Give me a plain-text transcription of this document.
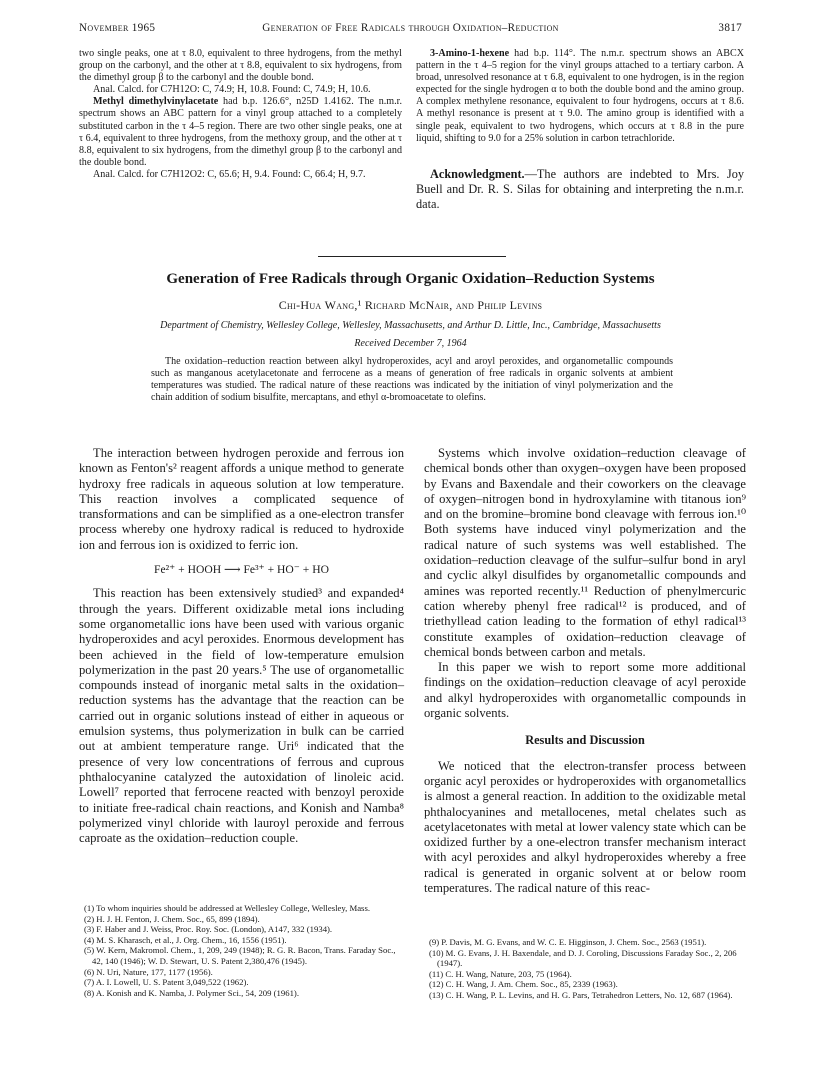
November 1965	Generation of Free Radicals through Oxidation–Reduction	3817

two single peaks, one at τ 8.0, equivalent to three hydrogens, from the methyl group on the carbonyl, and the other at τ 8.8, equivalent to six hydrogens, from the dimethyl group β to the carbonyl and the double bond.

Anal. Calcd. for C7H12O: C, 74.9; H, 10.8. Found: C, 74.9; H, 10.6.

Methyl dimethylvinylacetate had b.p. 126.6°, n25D 1.4162. The n.m.r. spectrum shows an ABC pattern for a vinyl group attached to a completely substituted carbon in the τ 4–5 region. There are two other single peaks, one at τ 6.4, equivalent to three hydrogens, from the methoxy group, and the other at τ 8.8, equivalent to six hydrogens, from the dimethyl group β to the carbonyl and the double bond.

Anal. Calcd. for C7H12O2: C, 65.6; H, 9.4. Found: C, 66.4; H, 9.7.

3-Amino-1-hexene had b.p. 114°. The n.m.r. spectrum shows an ABCX pattern in the τ 4–5 region for the vinyl groups attached to a tertiary carbon. A broad, unresolved resonance at τ 6.8, equivalent to one hydrogen, is in the region expected for the single hydrogen α to both the double bond and the amino group. A complex methylene resonance, equivalent to four hydrogens, occurs at τ 8.6. A methyl resonance is present at τ 9.0. The amino group is identified with a single peak, equivalent to two hydrogens, which occurs at τ 8.8 in the pure liquid, shifting to 9.0 for a 25% solution in carbon tetrachloride.

Acknowledgment.—The authors are indebted to Mrs. Joy Buell and Dr. R. S. Silas for obtaining and interpreting the n.m.r. data.

Generation of Free Radicals through Organic Oxidation–Reduction Systems
Chi-Hua Wang,¹ Richard McNair, and Philip Levins
Department of Chemistry, Wellesley College, Wellesley, Massachusetts, and Arthur D. Little, Inc., Cambridge, Massachusetts
Received December 7, 1964
The oxidation–reduction reaction between alkyl hydroperoxides, acyl and aroyl peroxides, and organometallic compounds such as manganous acetylacetonate and ferrocene as a means of generation of free radicals in organic solvents at ambient temperatures was studied. The radical nature of these reactions was indicated by the initiation of vinyl polymerization and the chain addition of sodium bisulfite, mercaptans, and ethyl α-bromoacetate to olefins.

The interaction between hydrogen peroxide and ferrous ion known as Fenton's² reagent affords a unique method to generate hydroxy free radicals in aqueous solution at low temperature. This reaction involves a complicated sequence of transformations and can be simplified as a one-electron transfer process whereby one hydroxy radical is reduced to hydroxide ion and ferrous ion is oxidized to ferric ion.

Fe²⁺ + HOOH ⟶ Fe³⁺ + HO⁻ + HO

This reaction has been extensively studied³ and expanded⁴ through the years. Different oxidizable metal ions including some organometallic ions have been used with various organic hydroperoxides and acyl peroxides. Enormous development has been achieved in the field of low-temperature emulsion polymerization in the past 20 years.⁵ The use of organometallic compounds instead of inorganic metal salts in the oxidation–reduction systems has the advantage that the reaction can be carried out in organic solutions instead of either in aqueous or emulsion systems, thus polymerization in bulk can be carried out at ambient temperature range. Uri⁶ indicated that the presence of very low concentrations of ferrous and cuprous phthalocyanine catalyzed the autoxidation of linoleic acid. Lowell⁷ reported that ferrocene reacted with benzoyl peroxide to initiate free-radical chain reactions, and Konish and Namba⁸ polymerized vinyl chloride with lauroyl peroxide and ferrous caproate as the oxidation–reduction couple.

Systems which involve oxidation–reduction cleavage of chemical bonds other than oxygen–oxygen have been proposed by Evans and Baxendale and their coworkers on the cleavage of oxygen–nitrogen bond in hydroxylamine with titanous ion⁹ and on the bromine–bromine bond cleavage with ferrous ion.¹⁰ Both systems have induced vinyl polymerization and the radical nature of such systems was well established. The oxidation–reduction cleavage of the sulfur–sulfur bond in aryl and cyclic alkyl disulfides by organometallic compounds and amines was reported recently.¹¹ Reduction of phenylmercuric cation whereby phenyl free radical¹² is produced, and of triethyllead cation leading to the formation of ethyl radical¹³ constitute examples of oxidation–reduction cleavage of chemical bonds between carbon and metals.

In this paper we wish to report some more additional findings on the oxidation–reduction cleavage of acyl peroxide and alkyl hydroperoxides with organometallic compounds in organic solvents.

Results and Discussion

We noticed that the electron-transfer process between organic acyl peroxides or hydroperoxides with organometallics is almost a general reaction. In addition to the oxidizable metal phthalocyanines and metallocenes, metal chelates such as acetylacetonates with metal at lower valency state which can be oxidized further by a one-electron transfer mechanism interact with acyl peroxides and alkyl hydroperoxides whereby a free radical is generated in organic solvent at or below room temperatures. The radical nature of this reac-

(1) To whom inquiries should be addressed at Wellesley College, Wellesley, Mass.

(2) H. J. H. Fenton, J. Chem. Soc., 65, 899 (1894).

(3) F. Haber and J. Weiss, Proc. Roy. Soc. (London), A147, 332 (1934).

(4) M. S. Kharasch, et al., J. Org. Chem., 16, 1556 (1951).

(5) W. Kern, Makromol. Chem., 1, 209, 249 (1948); R. G. R. Bacon, Trans. Faraday Soc., 42, 140 (1946); W. D. Stewart, U. S. Patent 2,380,476 (1945).

(6) N. Uri, Nature, 177, 1177 (1956).

(7) A. I. Lowell, U. S. Patent 3,049,522 (1962).

(8) A. Konish and K. Namba, J. Polymer Sci., 54, 209 (1961).

(9) P. Davis, M. G. Evans, and W. C. E. Higginson, J. Chem. Soc., 2563 (1951).

(10) M. G. Evans, J. H. Baxendale, and D. J. Coroling, Discussions Faraday Soc., 2, 206 (1947).

(11) C. H. Wang, Nature, 203, 75 (1964).

(12) C. H. Wang, J. Am. Chem. Soc., 85, 2339 (1963).

(13) C. H. Wang, P. L. Levins, and H. G. Pars, Tetrahedron Letters, No. 12, 687 (1964).
